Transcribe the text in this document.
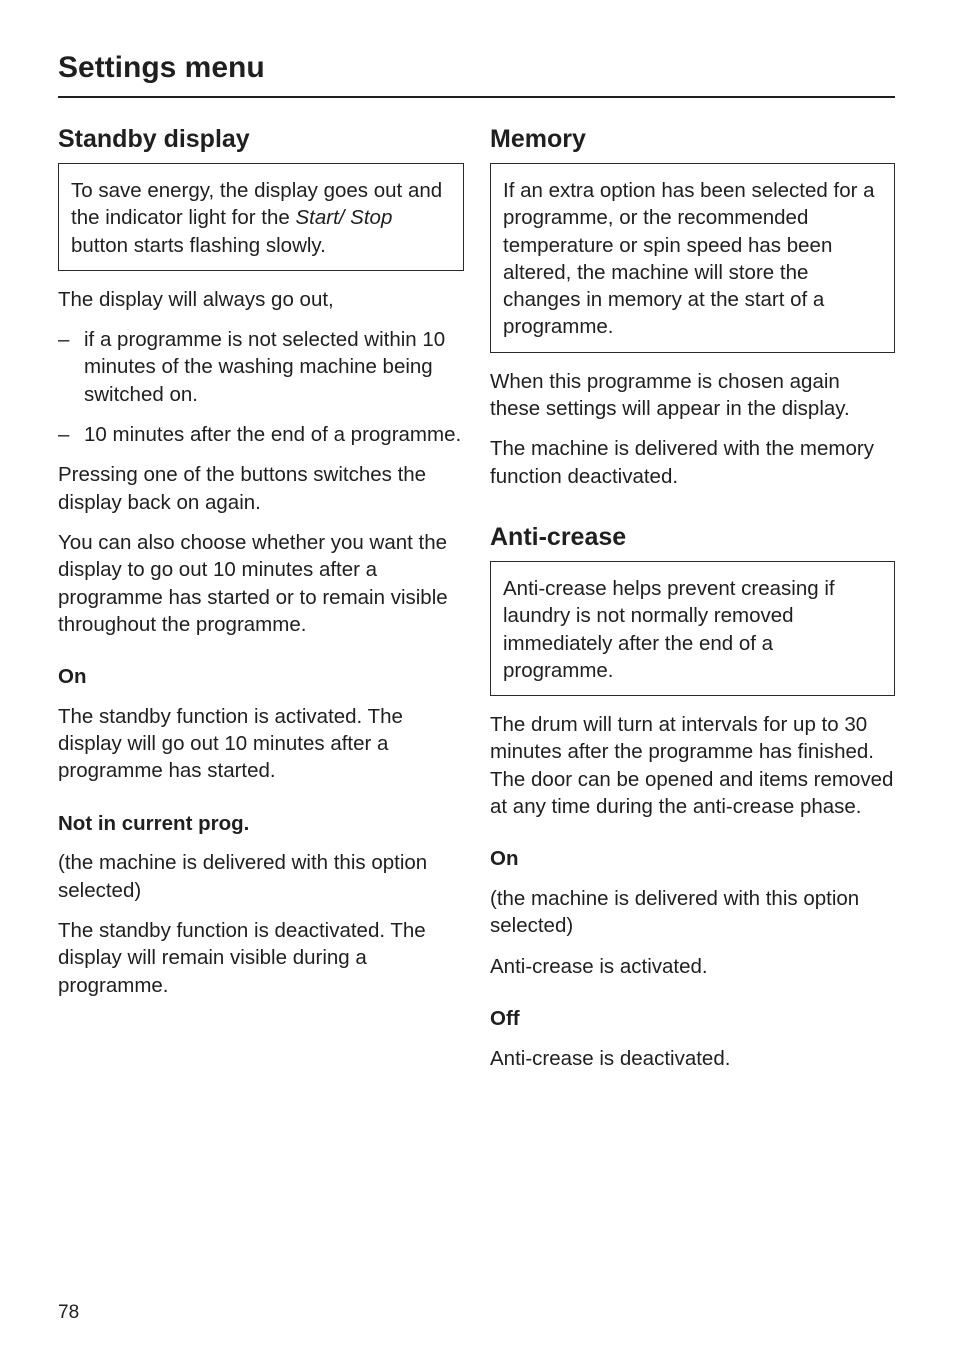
Settings menu
Standby display
To save energy, the display goes out and the indicator light for the Start/ Stop button starts flashing slowly.

The display will always go out,

– if a programme is not selected within 10 minutes of the washing machine being switched on.
– 10 minutes after the end of a programme.

Pressing one of the buttons switches the display back on again.

You can also choose whether you want the display to go out 10 minutes after a programme has started or to remain visible throughout the programme.

On

The standby function is activated. The display will go out 10 minutes after a programme has started.

Not in current prog.

(the machine is delivered with this option selected)

The standby function is deactivated. The display will remain visible during a programme.

Memory
If an extra option has been selected for a programme, or the recommended temperature or spin speed has been altered, the machine will store the changes in memory at the start of a programme.

When this programme is chosen again these settings will appear in the display.

The machine is delivered with the memory function deactivated.

Anti-crease
Anti-crease helps prevent creasing if laundry is not normally removed immediately after the end of a programme.

The drum will turn at intervals for up to 30 minutes after the programme has finished. The door can be opened and items removed at any time during the anti-crease phase.

On

(the machine is delivered with this option selected)

Anti-crease is activated.

Off

Anti-crease is deactivated.

78
